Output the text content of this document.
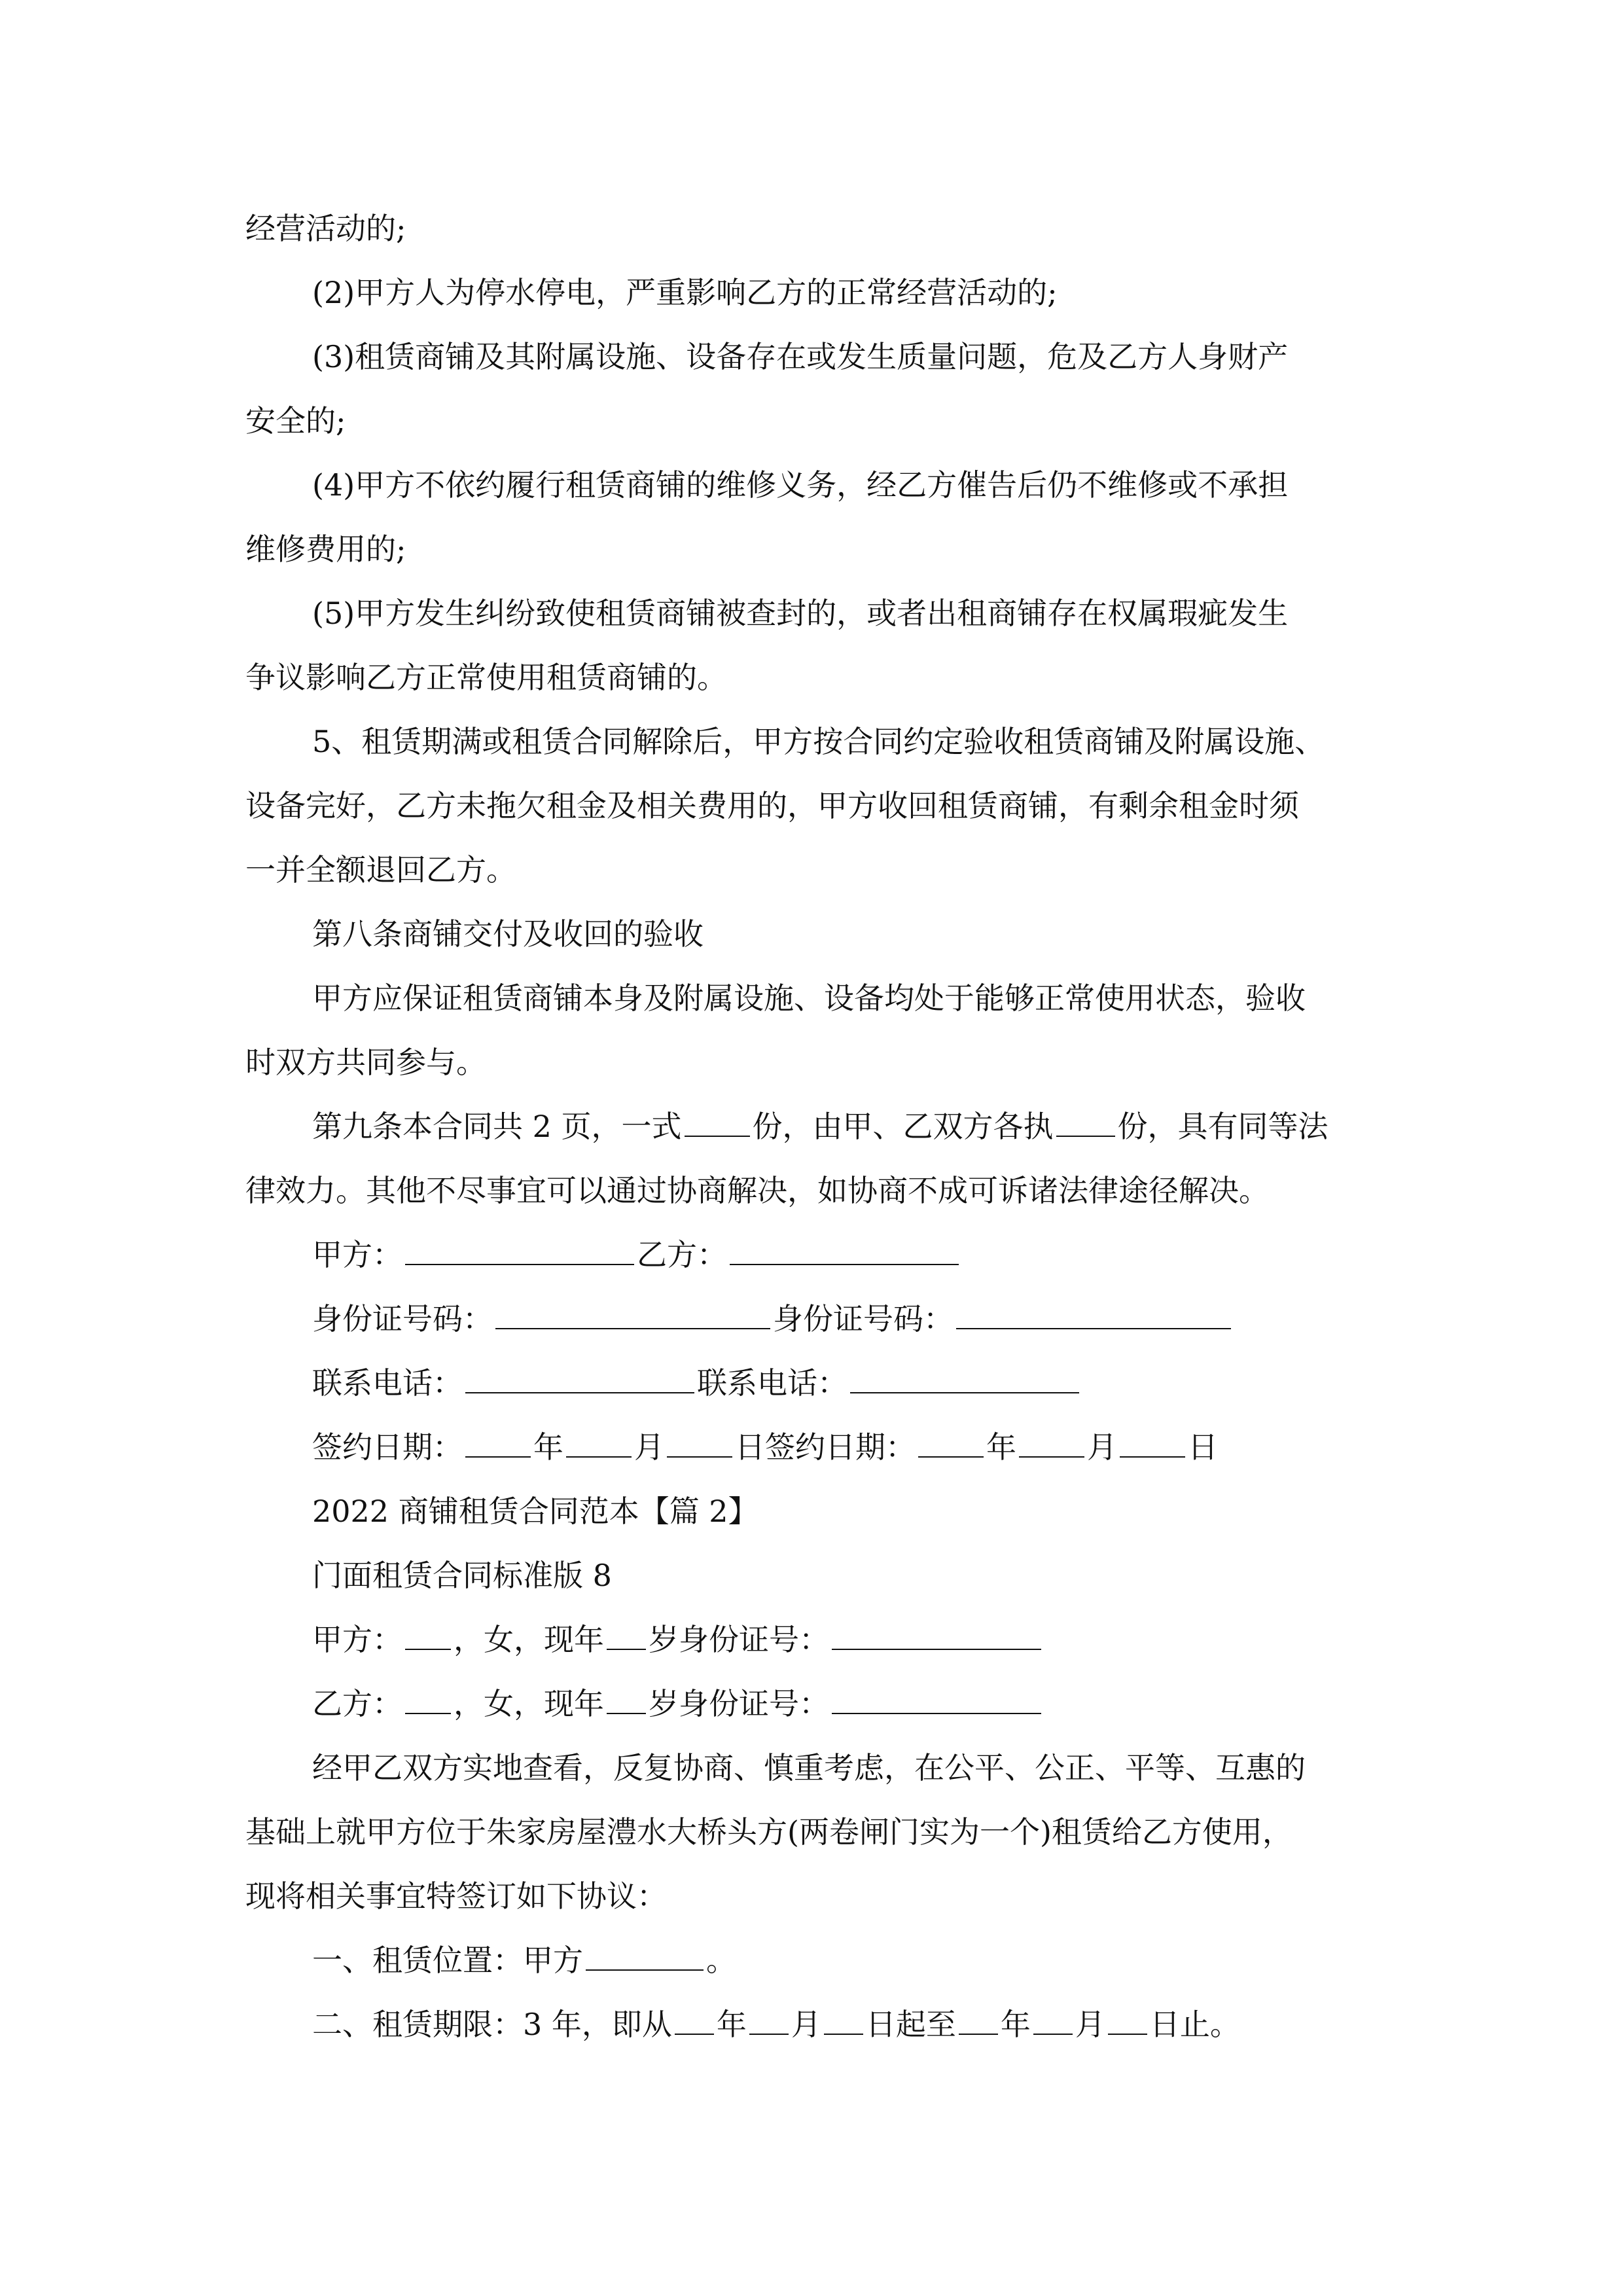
经营活动的;

(2)甲方人为停水停电，严重影响乙方的正常经营活动的;

(3)租赁商铺及其附属设施、设备存在或发生质量问题，危及乙方人身财产

安全的;

(4)甲方不依约履行租赁商铺的维修义务，经乙方催告后仍不维修或不承担

维修费用的;

(5)甲方发生纠纷致使租赁商铺被查封的，或者出租商铺存在权属瑕疵发生

争议影响乙方正常使用租赁商铺的。

5、租赁期满或租赁合同解除后，甲方按合同约定验收租赁商铺及附属设施、

设备完好，乙方未拖欠租金及相关费用的，甲方收回租赁商铺，有剩余租金时须

一并全额退回乙方。

第八条商铺交付及收回的验收

甲方应保证租赁商铺本身及附属设施、设备均处于能够正常使用状态，验收

时双方共同参与。

第九条本合同共 2 页，一式 份，由甲、乙双方各执 份，具有同等法

律效力。其他不尽事宜可以通过协商解决，如协商不成可诉诸法律途径解决。

甲方：	乙方：

身份证号码：	身份证号码：

联系电话：	联系电话：

签约日期： 年 月 日签约日期： 年 月 日

2022 商铺租赁合同范本【篇 2】

门面租赁合同标准版 8

甲方： ，女，现年 岁身份证号：

乙方： ，女，现年 岁身份证号：

经甲乙双方实地查看，反复协商、慎重考虑，在公平、公正、平等、互惠的

基础上就甲方位于朱家房屋澧水大桥头方(两卷闸门实为一个)租赁给乙方使用，

现将相关事宜特签订如下协议：

一、租赁位置：甲方	。

二、租赁期限：3 年，即从 年 月 日起至 年 月 日止。
